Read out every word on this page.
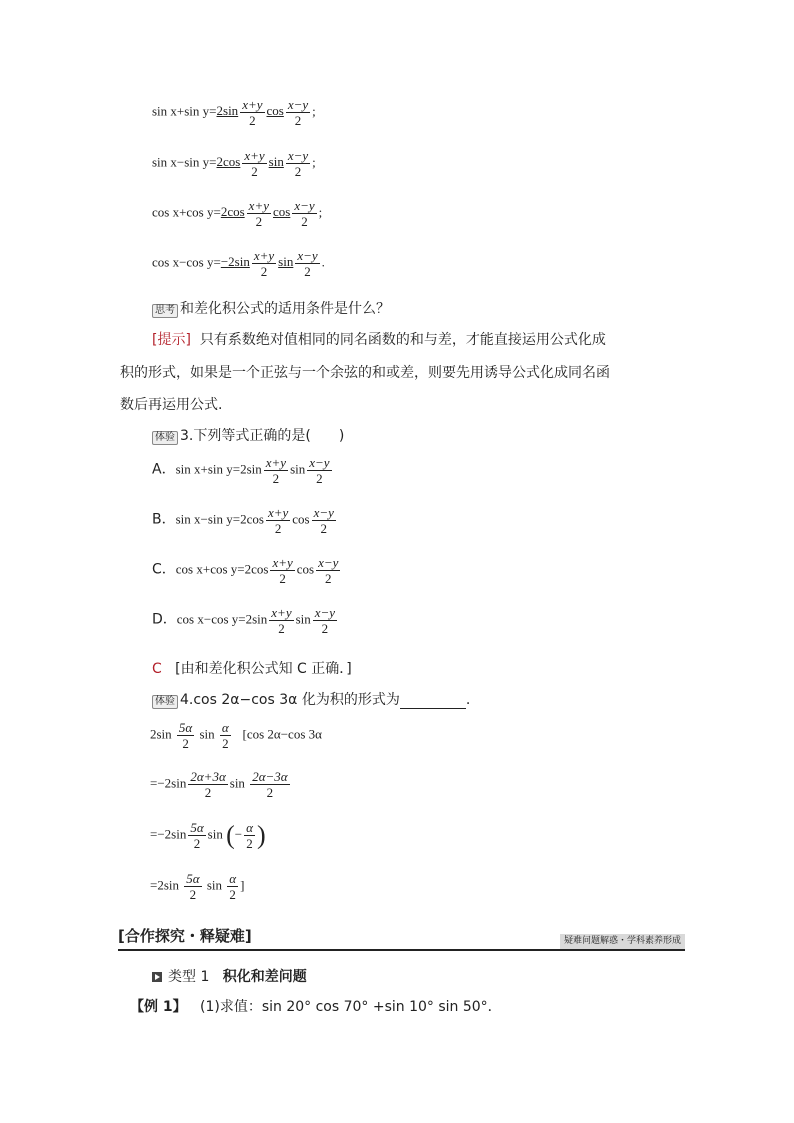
sin x+sin $y=2\sin \frac{x+y}{2}$ $\cos \frac{x-y}{2}$ ;
sin x−sin $y=2\cos \frac{x+y}{2}$ $\sin \frac{x-y}{2}$ ;
cos x+cos $y=2\cos \frac{x+y}{2}$ $\cos \frac{x-y}{2}$ ;
cos x−cos $y=-2\sin \frac{x+y}{2}$ $\sin \frac{x-y}{2}$ .
思考 和差化积公式的适用条件是什么？
[提示] 只有系数绝对值相同的同名函数的和与差，才能直接运用公式化成
积的形式，如果是一个正弦与一个余弦的和或差，则要先用诱导公式化成同名函
数后再运用公式.
体验 3.下列等式正确的是(　　)
A．sin x+sin $y=2\sin \frac{x+y}{2}$ $\sin \frac{x-y}{2}$
B．sin x−sin $y=2\cos \frac{x+y}{2}$ $\cos \frac{x-y}{2}$
C．cos x+cos $y=2\cos \frac{x+y}{2}$ $\cos \frac{x-y}{2}$
D．cos x−cos $y=2\sin \frac{x+y}{2}$ $\sin \frac{x-y}{2}$
C [由和差化积公式知 C 正确．]
体验 4.cos 2α−cos 3α 化为积的形式为	.
$2\sin \frac{5\alpha}{2}$ $\sin \frac{\alpha}{2} [\cos$ 2α−cos 3α
$=-2\sin \frac{2\alpha+3\alpha}{2}$ $\sin \frac{2\alpha-3\alpha}{2}$
$=-2\sin \frac{5\alpha}{2}$ sin (− $\frac{\alpha}{2}$ )
$=2\sin \frac{5\alpha}{2}$ $\sin \frac{\alpha}{2}$ ]
[合作探究・释疑难]	疑难问题解惑・学科素养形成
类型 1 积化和差问题
【例 1】 (1)求值：sin 20° cos 70° +sin 10° sin 50°．
